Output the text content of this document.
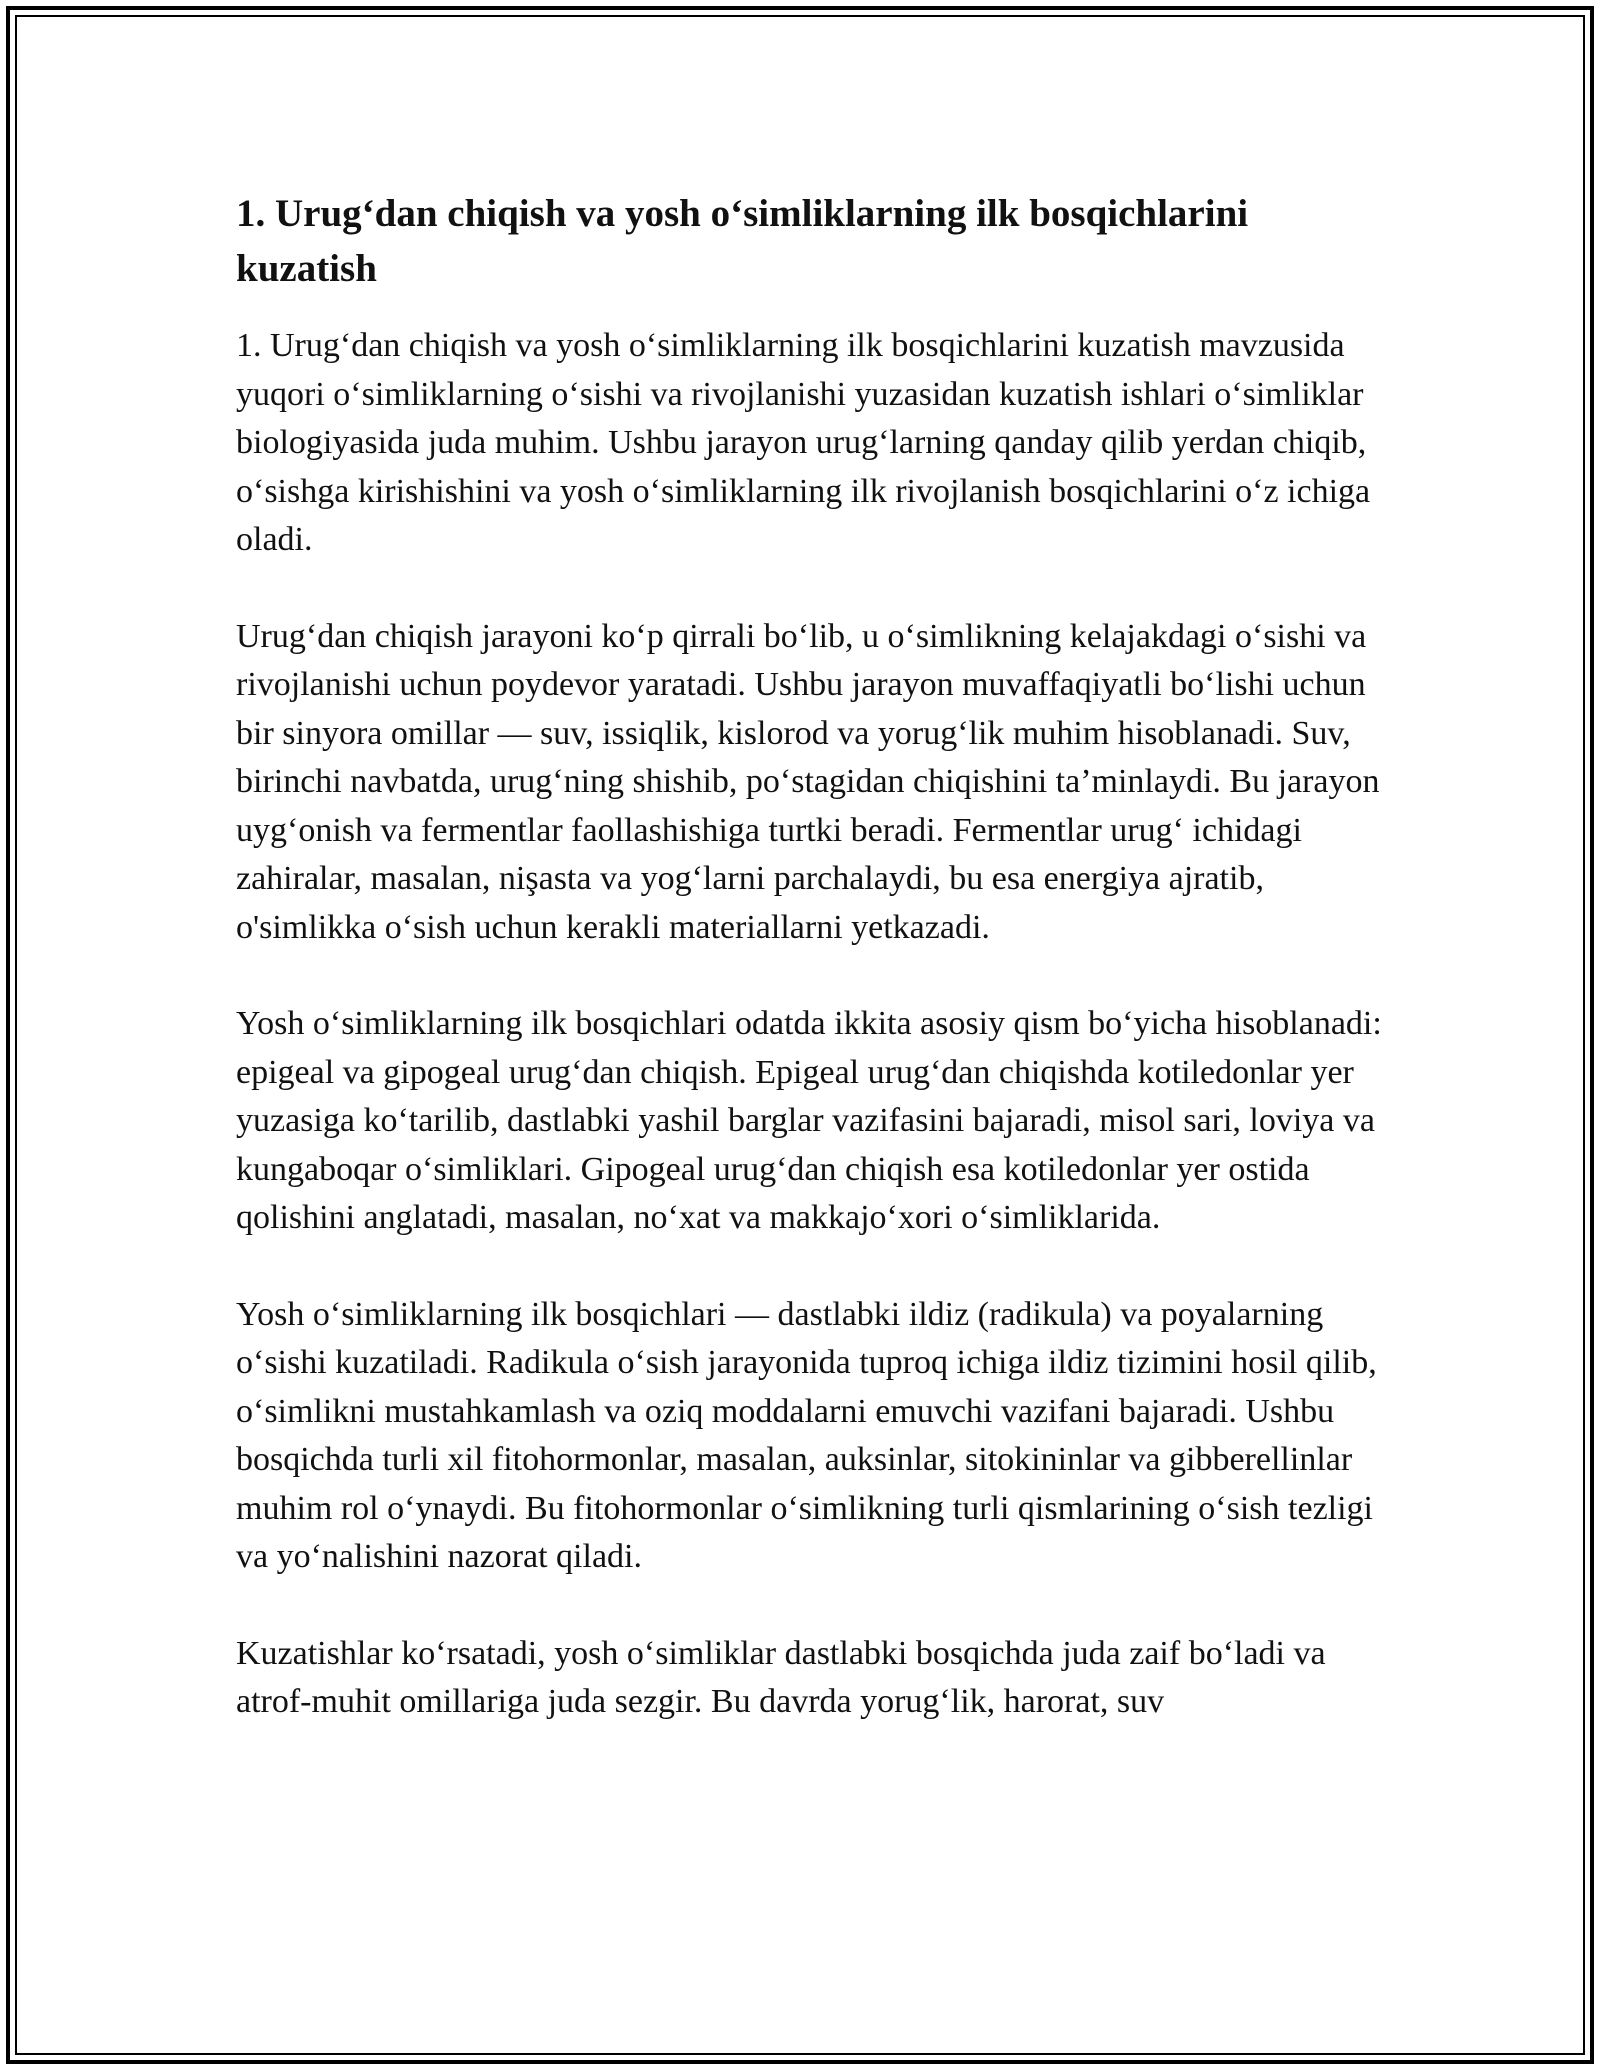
1. Urug‘dan chiqish va yosh o‘simliklarning ilk bosqichlarini kuzatish

1. Urug‘dan chiqish va yosh o‘simliklarning ilk bosqichlarini kuzatish mavzusida yuqori o‘simliklarning o‘sishi va rivojlanishi yuzasidan kuzatish ishlari o‘simliklar biologiyasida juda muhim. Ushbu jarayon urug‘larning qanday qilib yerdan chiqib, o‘sishga kirishishini va yosh o‘simliklarning ilk rivojlanish bosqichlarini o‘z ichiga oladi.

Urug‘dan chiqish jarayoni ko‘p qirrali bo‘lib, u o‘simlikning kelajakdagi o‘sishi va rivojlanishi uchun poydevor yaratadi. Ushbu jarayon muvaffaqiyatli bo‘lishi uchun bir sinyora omillar — suv, issiqlik, kislorod va yorug‘lik muhim hisoblanadi. Suv, birinchi navbatda, urug‘ning shishib, po‘stagidan chiqishini ta’minlaydi. Bu jarayon uyg‘onish va fermentlar faollashishiga turtki beradi. Fermentlar urug‘ ichidagi zahiralar, masalan, nişasta va yog‘larni parchalaydi, bu esa energiya ajratib, o'simlikka o‘sish uchun kerakli materiallarni yetkazadi.

Yosh o‘simliklarning ilk bosqichlari odatda ikkita asosiy qism bo‘yicha hisoblanadi: epigeal va gipogeal urug‘dan chiqish. Epigeal urug‘dan chiqishda kotiledonlar yer yuzasiga ko‘tarilib, dastlabki yashil barglar vazifasini bajaradi, misol sari, loviya va kungaboqar o‘simliklari. Gipogeal urug‘dan chiqish esa kotiledonlar yer ostida qolishini anglatadi, masalan, no‘xat va makkajo‘xori o‘simliklarida.

Yosh o‘simliklarning ilk bosqichlari — dastlabki ildiz (radikula) va poyalarning o‘sishi kuzatiladi. Radikula o‘sish jarayonida tuproq ichiga ildiz tizimini hosil qilib, o‘simlikni mustahkamlash va oziq moddalarni emuvchi vazifani bajaradi. Ushbu bosqichda turli xil fitohormonlar, masalan, auksinlar, sitokininlar va gibberellinlar muhim rol o‘ynaydi. Bu fitohormonlar o‘simlikning turli qismlarining o‘sish tezligi va yo‘nalishini nazorat qiladi.

Kuzatishlar ko‘rsatadi, yosh o‘simliklar dastlabki bosqichda juda zaif bo‘ladi va atrof-muhit omillariga juda sezgir. Bu davrda yorug‘lik, harorat, suv
